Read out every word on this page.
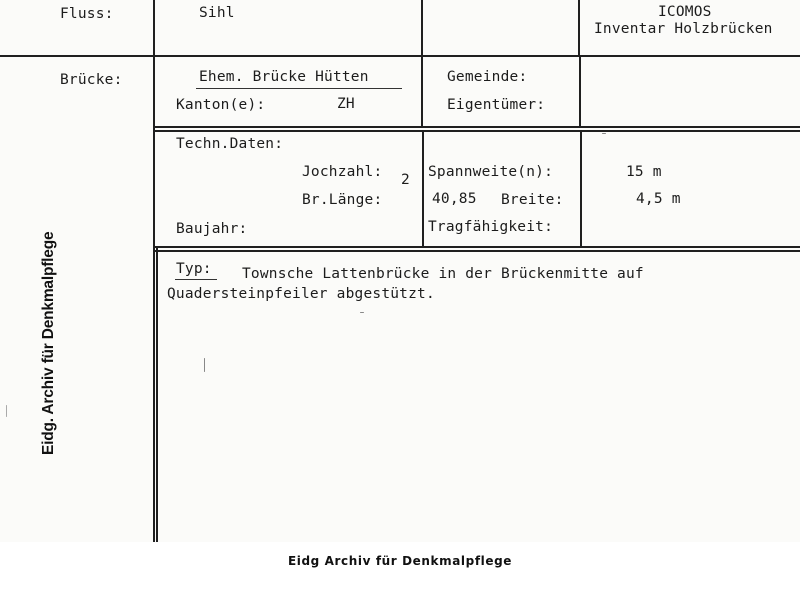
Fluss:	Sihl	ICOMOS
Inventar Holzbrücken
Brücke:	Ehem. Brücke Hütten
Kanton(e):	ZH
Gemeinde:
Eigentümer:
Techn.Daten:
Jochzahl: 2 Spannweite(n):	15 m
Br.Länge:	40,85 Breite:	4,5 m
Baujahr:	Tragfähigkeit:
Typ: Townsche Lattenbrücke in der Brückenmitte auf
Quadersteinpfeiler abgestützt.
Eidg. Archiv für Denkmalpflege
Eidg Archiv für Denkmalpflege
